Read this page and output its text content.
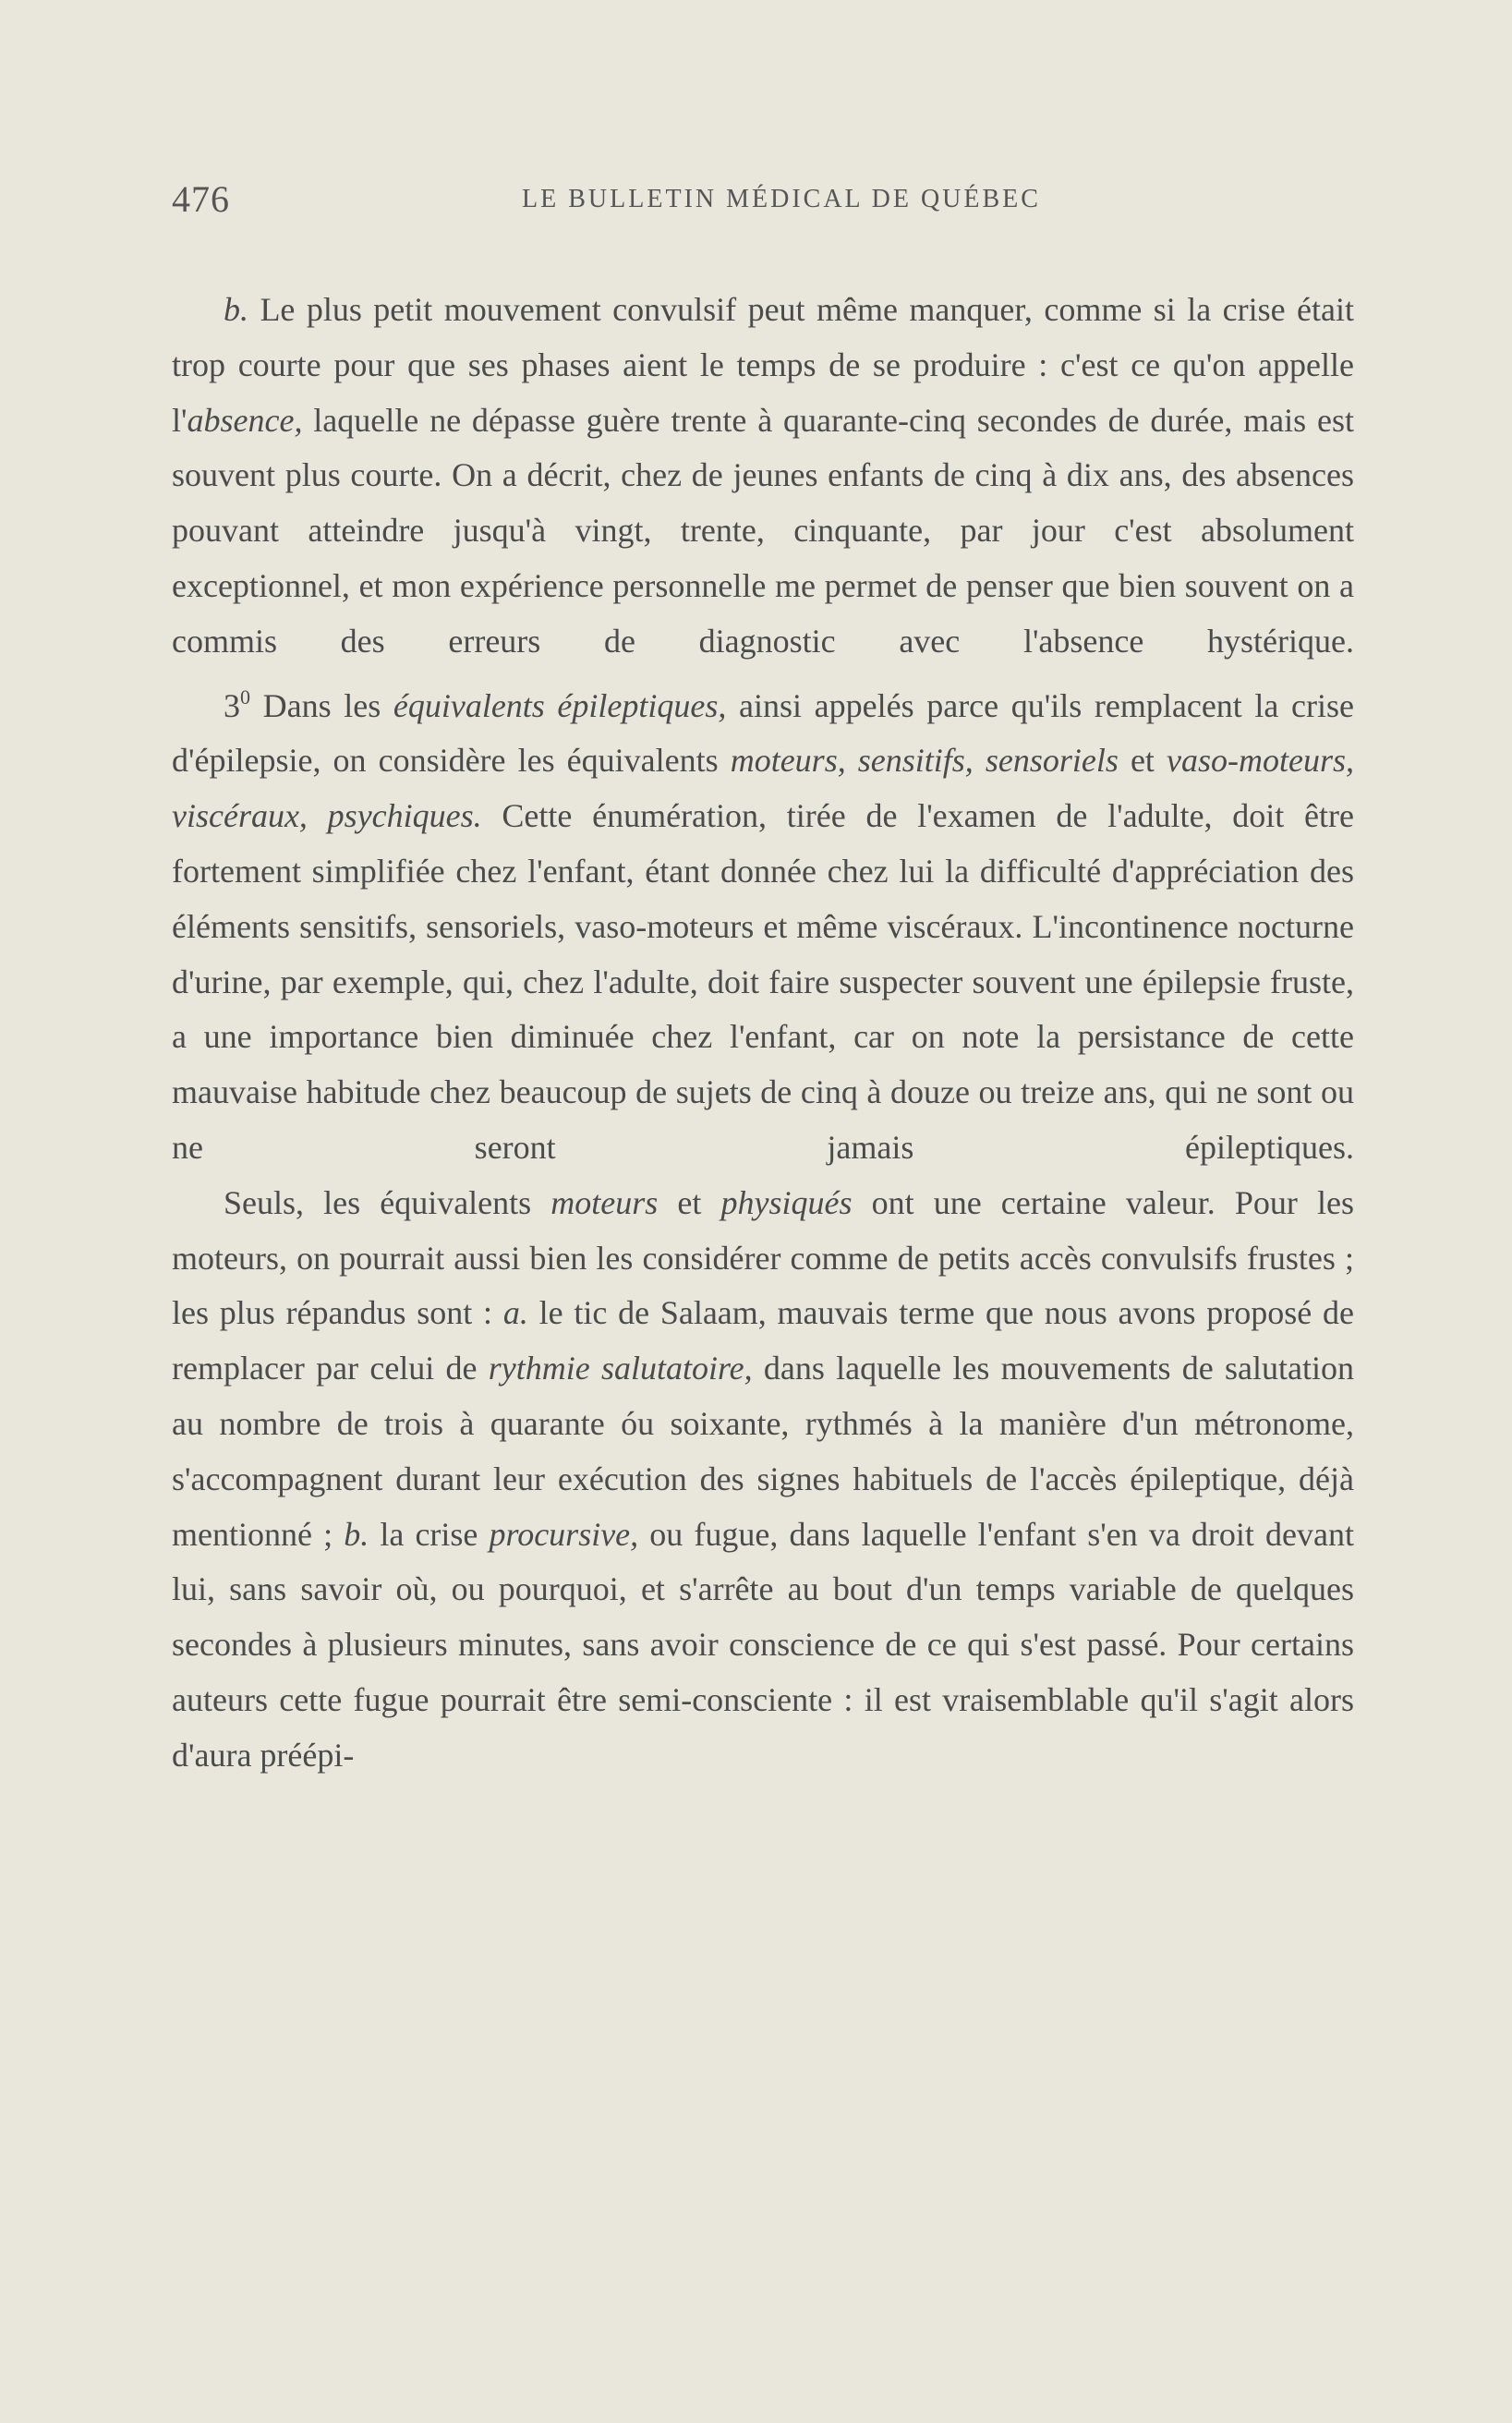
476	LE BULLETIN MÉDICAL DE QUÉBEC

b. Le plus petit mouvement convulsif peut même manquer, comme si la crise était trop courte pour que ses phases aient le temps de se produire : c'est ce qu'on appelle l'absence, laquelle ne dépasse guère trente à quarante-cinq secondes de durée, mais est souvent plus courte. On a décrit, chez de jeunes enfants de cinq à dix ans, des absences pouvant atteindre jusqu'à vingt, trente, cinquante, par jour c'est absolument exceptionnel, et mon expérience personnelle me permet de penser que bien souvent on a commis des erreurs de diagnostic avec l'absence hystérique.

$3^0$ Dans les équivalents épileptiques, ainsi appelés parce qu'ils remplacent la crise d'épilepsie, on considère les équivalents moteurs, sensitifs, sensoriels et vaso-moteurs, viscéraux, psychiques. Cette énumération, tirée de l'examen de l'adulte, doit être fortement simplifiée chez l'enfant, étant donnée chez lui la difficulté d'appréciation des éléments sensitifs, sensoriels, vaso-moteurs et même viscéraux. L'incontinence nocturne d'urine, par exemple, qui, chez l'adulte, doit faire suspecter souvent une épilepsie fruste, a une importance bien diminuée chez l'enfant, car on note la persistance de cette mauvaise habitude chez beaucoup de sujets de cinq à douze ou treize ans, qui ne sont ou ne seront jamais épileptiques.

Seuls, les équivalents moteurs et physiqués ont une certaine valeur. Pour les moteurs, on pourrait aussi bien les considérer comme de petits accès convulsifs frustes ; les plus répandus sont : a. le tic de Salaam, mauvais terme que nous avons proposé de remplacer par celui de rythmie salutatoire, dans laquelle les mouvements de salutation au nombre de trois à quarante óu soixante, rythmés à la manière d'un métronome, s'accompagnent durant leur exécution des signes habituels de l'accès épileptique, déjà mentionné ; b. la crise procursive, ou fugue, dans laquelle l'enfant s'en va droit devant lui, sans savoir où, ou pourquoi, et s'arrête au bout d'un temps variable de quelques secondes à plusieurs minutes, sans avoir conscience de ce qui s'est passé. Pour certains auteurs cette fugue pourrait être semi-consciente : il est vraisemblable qu'il s'agit alors d'aura préépi-
